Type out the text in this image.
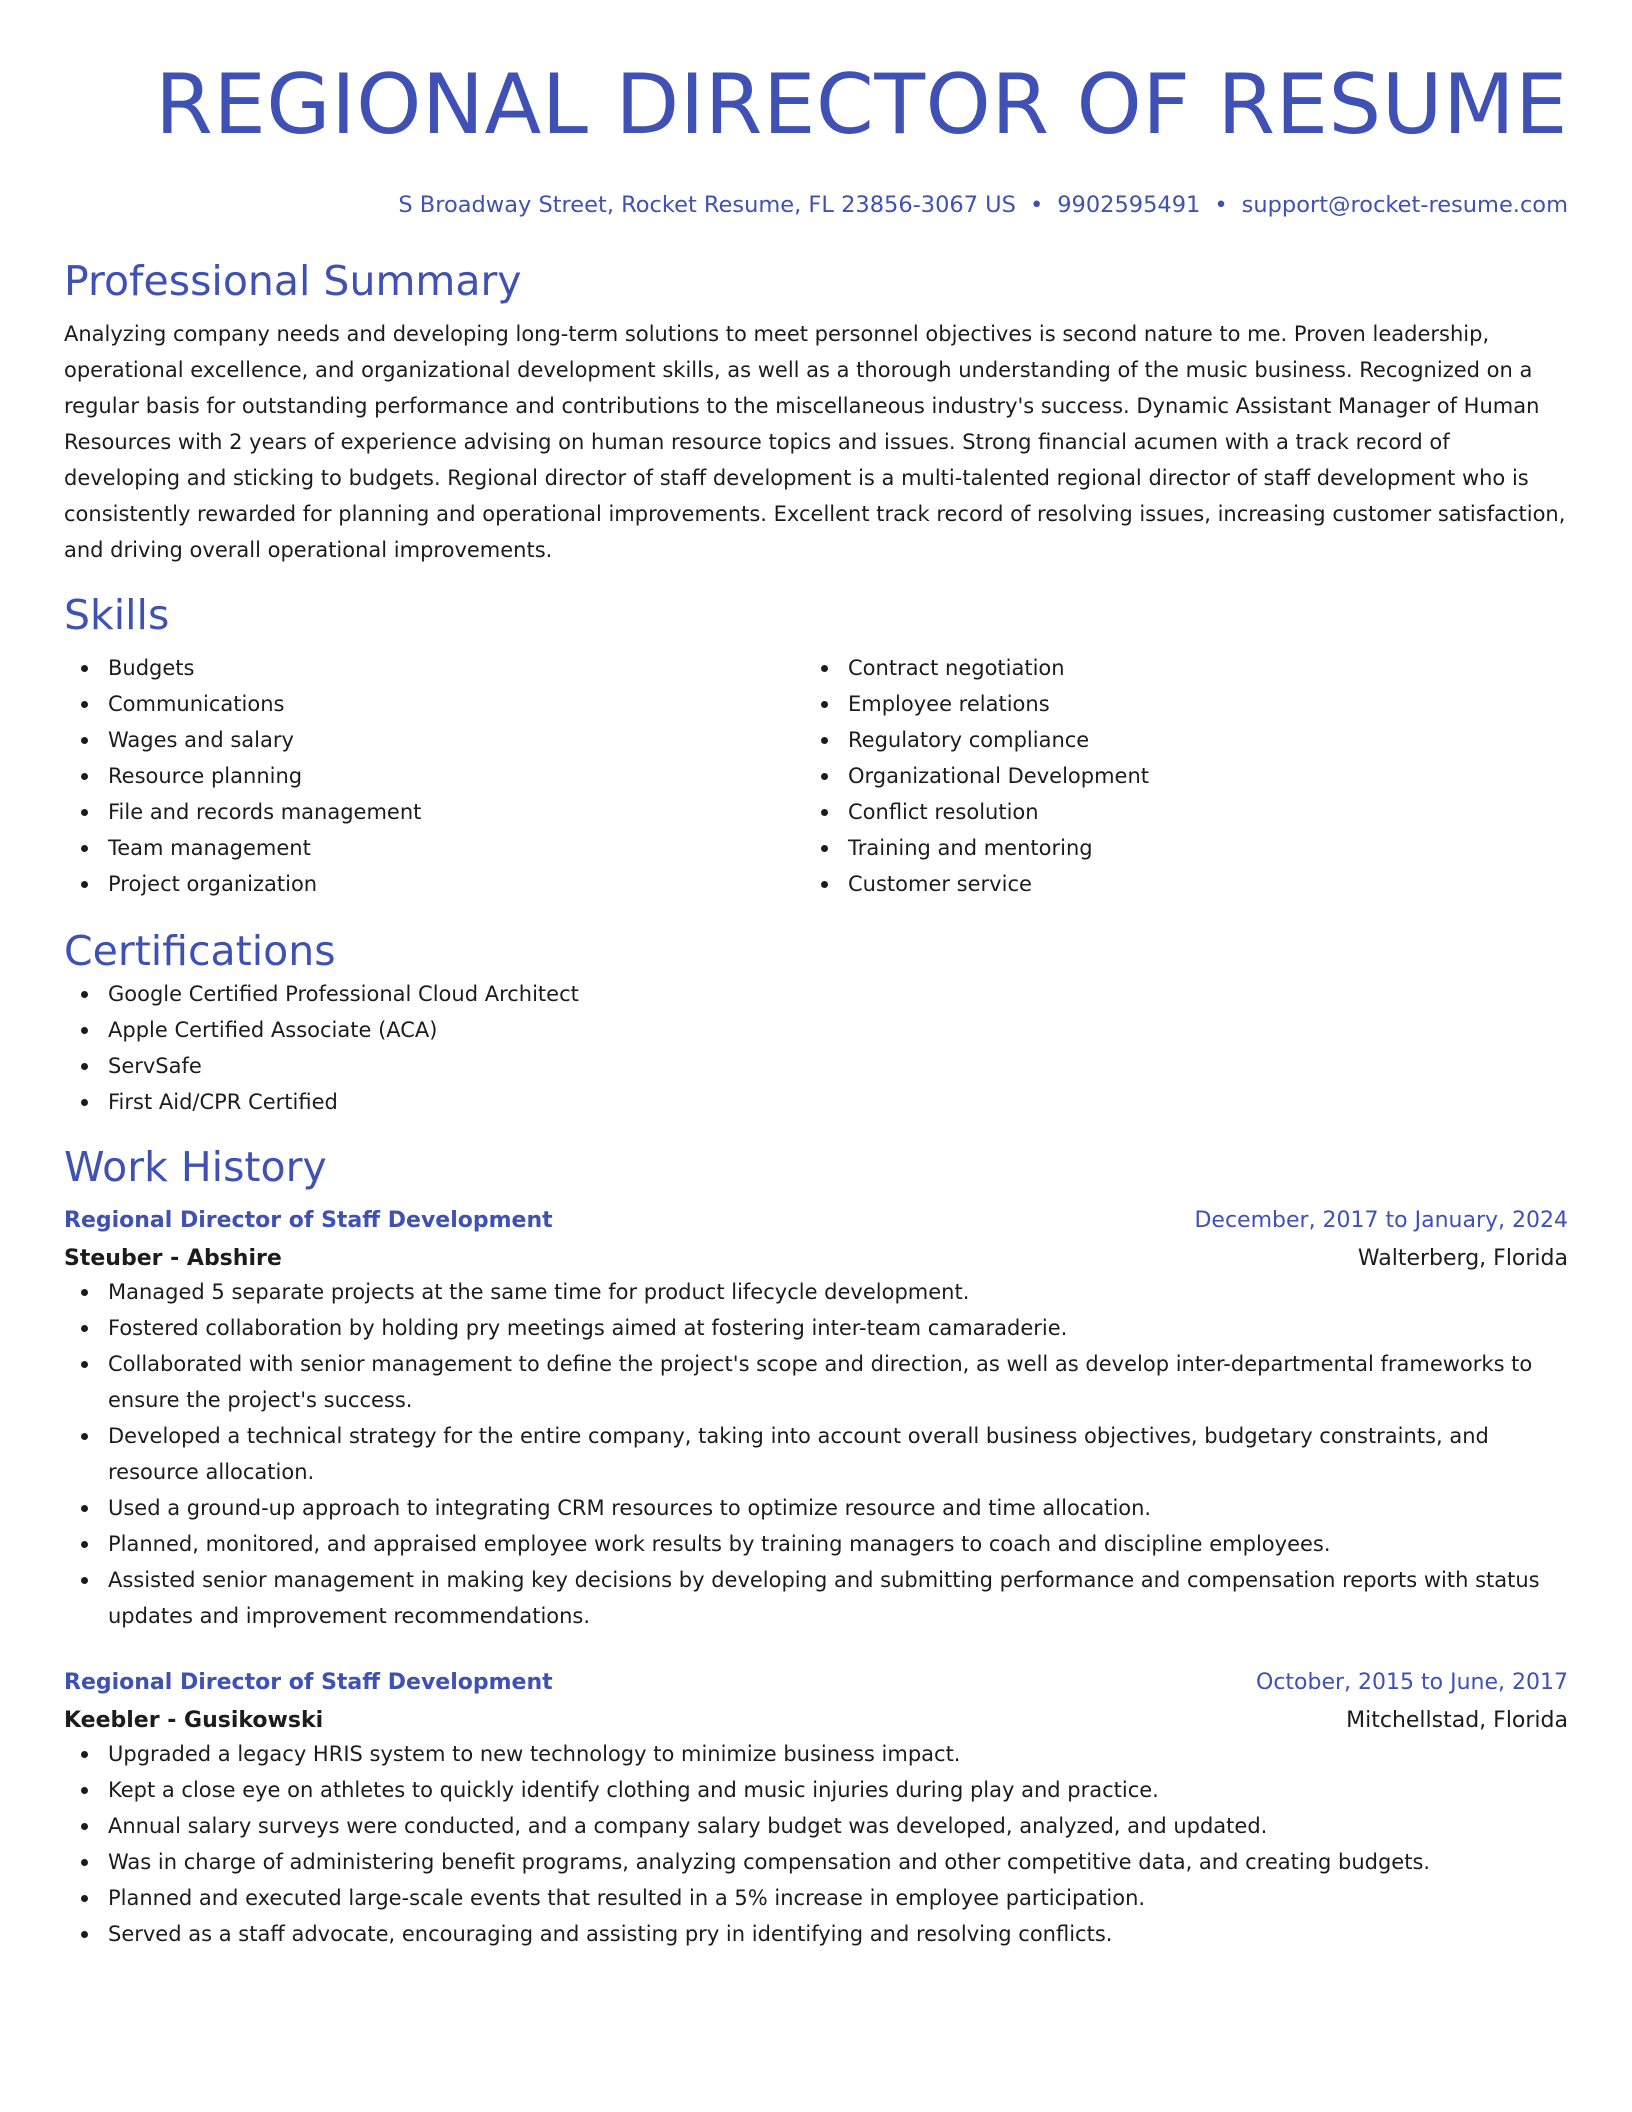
REGIONAL DIRECTOR OF RESUME
S Broadway Street, Rocket Resume, FL 23856-3067 US • 9902595491 • support@rocket-resume.com
Professional Summary

Analyzing company needs and developing long-term solutions to meet personnel objectives is second nature to me. Proven leadership, operational excellence, and organizational development skills, as well as a thorough understanding of the music business. Recognized on a regular basis for outstanding performance and contributions to the miscellaneous industry's success. Dynamic Assistant Manager of Human Resources with 2 years of experience advising on human resource topics and issues. Strong financial acumen with a track record of developing and sticking to budgets. Regional director of staff development is a multi-talented regional director of staff development who is consistently rewarded for planning and operational improvements. Excellent track record of resolving issues, increasing customer satisfaction, and driving overall operational improvements.

Skills
Budgets
Communications
Wages and salary
Resource planning
File and records management
Team management
Project organization
Contract negotiation
Employee relations
Regulatory compliance
Organizational Development
Conflict resolution
Training and mentoring
Customer service
Certifications
Google Certified Professional Cloud Architect
Apple Certified Associate (ACA)
ServSafe
First Aid/CPR Certified
Work History
Regional Director of Staff Development	December, 2017 to January, 2024
Steuber - Abshire	Walterberg, Florida
Managed 5 separate projects at the same time for product lifecycle development.
Fostered collaboration by holding pry meetings aimed at fostering inter-team camaraderie.
Collaborated with senior management to define the project's scope and direction, as well as develop inter-departmental frameworks to ensure the project's success.
Developed a technical strategy for the entire company, taking into account overall business objectives, budgetary constraints, and resource allocation.
Used a ground-up approach to integrating CRM resources to optimize resource and time allocation.
Planned, monitored, and appraised employee work results by training managers to coach and discipline employees.
Assisted senior management in making key decisions by developing and submitting performance and compensation reports with status updates and improvement recommendations.
Regional Director of Staff Development	October, 2015 to June, 2017
Keebler - Gusikowski	Mitchellstad, Florida
Upgraded a legacy HRIS system to new technology to minimize business impact.
Kept a close eye on athletes to quickly identify clothing and music injuries during play and practice.
Annual salary surveys were conducted, and a company salary budget was developed, analyzed, and updated.
Was in charge of administering benefit programs, analyzing compensation and other competitive data, and creating budgets.
Planned and executed large-scale events that resulted in a 5% increase in employee participation.
Served as a staff advocate, encouraging and assisting pry in identifying and resolving conflicts.
